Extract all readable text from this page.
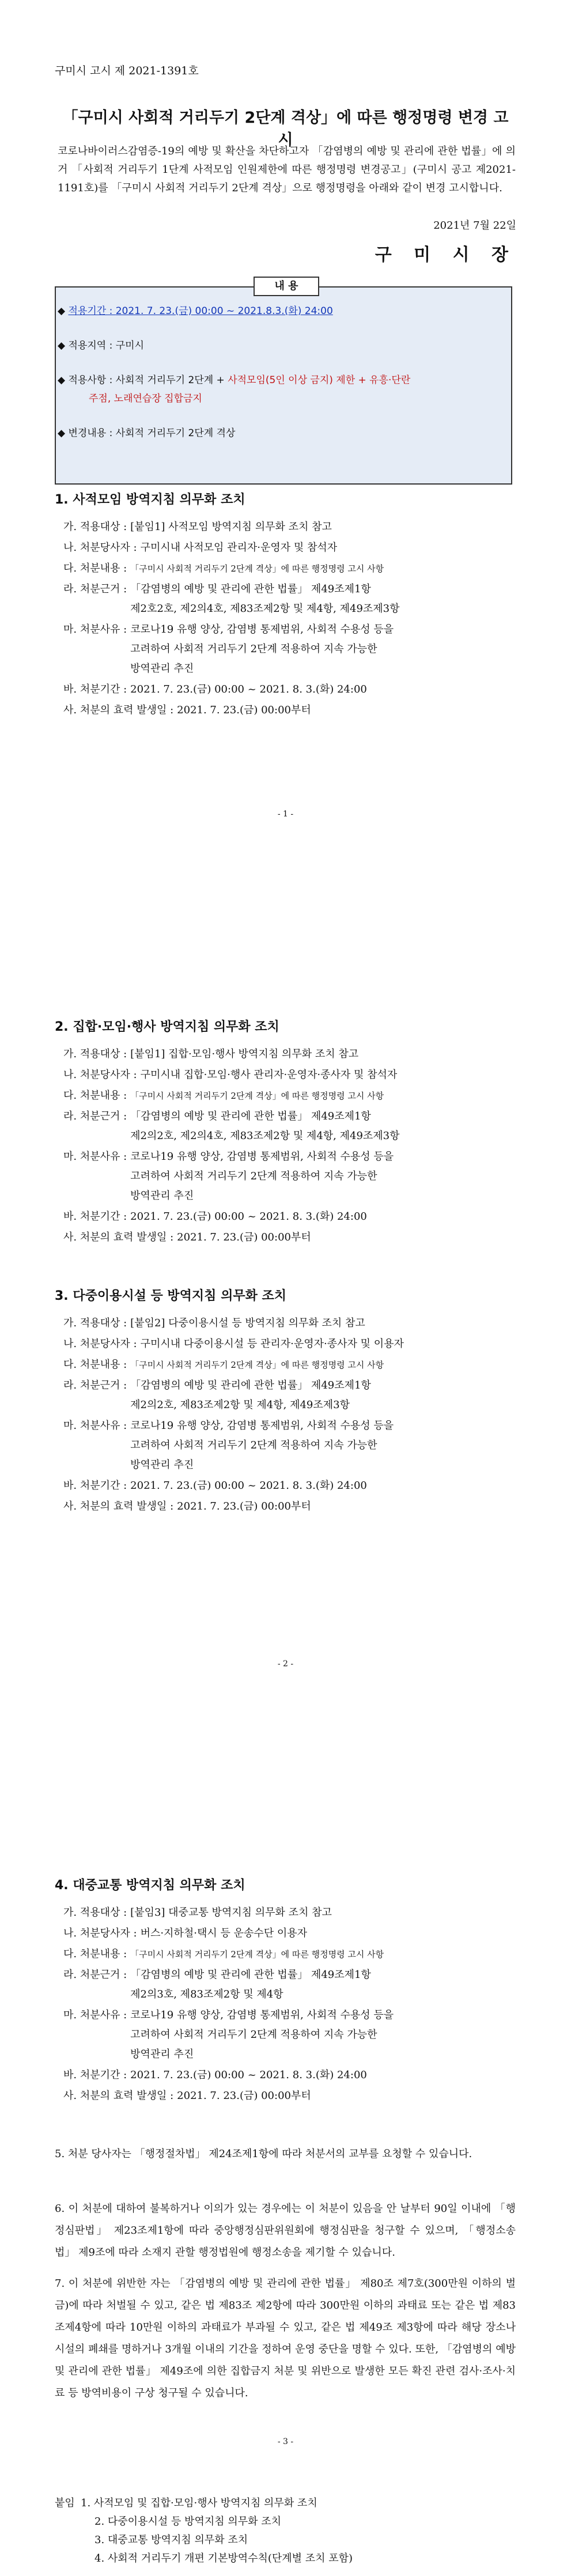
구미시 고시 제 2021-1391호
「구미시 사회적 거리두기 2단계 격상」에 따른 행정명령 변경 고시
코로나바이러스감염증-19의 예방 및 확산을 차단하고자 「감염병의 예방 및 관리에 관한 법률」에 의거 「사회적 거리두기 1단계 사적모임 인원제한에 따른 행정명령 변경공고」(구미시 공고 제2021-1191호)를 「구미시 사회적 거리두기 2단계 격상」으로 행정명령을 아래와 같이 변경 고시합니다.
2021년 7월 22일
구 미 시 장
내 용
◆ 적용기간 : 2021. 7. 23.(금) 00:00 ~ 2021.8.3.(화) 24:00
◆ 적용지역 : 구미시
◆ 적용사항 : 사회적 거리두기 2단계 + 사적모임(5인 이상 금지) 제한 + 유흥·단란
주점, 노래연습장 집합금지
◆ 변경내용 : 사회적 거리두기 2단계 격상
1. 사적모임 방역지침 의무화 조치
가. 적용대상 : [붙임1] 사적모임 방역지침 의무화 조치 참고
나. 처분당사자 : 구미시내 사적모임 관리자·운영자 및 참석자
다. 처분내용 : 「구미시 사회적 거리두기 2단계 격상」에 따른 행정명령 고시 사항
라. 처분근거 : 「감염병의 예방 및 관리에 관한 법률」 제49조제1항
제2호2호, 제2의4호, 제83조제2항 및 제4항, 제49조제3항
마. 처분사유 : 코로나19 유행 양상, 감염병 통제범위, 사회적 수용성 등을
고려하여 사회적 거리두기 2단계 적용하여 지속 가능한
방역관리 추진
바. 처분기간 : 2021. 7. 23.(금) 00:00 ~ 2021. 8. 3.(화) 24:00
사. 처분의 효력 발생일 : 2021. 7. 23.(금) 00:00부터
- 1 -
2. 집합·모임·행사 방역지침 의무화 조치
가. 적용대상 : [붙임1] 집합·모임·행사 방역지침 의무화 조치 참고
나. 처분당사자 : 구미시내 집합·모임·행사 관리자·운영자·종사자 및 참석자
다. 처분내용 : 「구미시 사회적 거리두기 2단계 격상」에 따른 행정명령 고시 사항
라. 처분근거 : 「감염병의 예방 및 관리에 관한 법률」 제49조제1항
제2의2호, 제2의4호, 제83조제2항 및 제4항, 제49조제3항
마. 처분사유 : 코로나19 유행 양상, 감염병 통제범위, 사회적 수용성 등을
고려하여 사회적 거리두기 2단계 적용하여 지속 가능한
방역관리 추진
바. 처분기간 : 2021. 7. 23.(금) 00:00 ~ 2021. 8. 3.(화) 24:00
사. 처분의 효력 발생일 : 2021. 7. 23.(금) 00:00부터
3. 다중이용시설 등 방역지침 의무화 조치
가. 적용대상 : [붙임2] 다중이용시설 등 방역지침 의무화 조치 참고
나. 처분당사자 : 구미시내 다중이용시설 등 관리자·운영자·종사자 및 이용자
다. 처분내용 : 「구미시 사회적 거리두기 2단계 격상」에 따른 행정명령 고시 사항
라. 처분근거 : 「감염병의 예방 및 관리에 관한 법률」 제49조제1항
제2의2호, 제83조제2항 및 제4항, 제49조제3항
마. 처분사유 : 코로나19 유행 양상, 감염병 통제범위, 사회적 수용성 등을
고려하여 사회적 거리두기 2단계 적용하여 지속 가능한
방역관리 추진
바. 처분기간 : 2021. 7. 23.(금) 00:00 ~ 2021. 8. 3.(화) 24:00
사. 처분의 효력 발생일 : 2021. 7. 23.(금) 00:00부터
- 2 -
4. 대중교통 방역지침 의무화 조치
가. 적용대상 : [붙임3] 대중교통 방역지침 의무화 조치 참고
나. 처분당사자 : 버스·지하철·택시 등 운송수단 이용자
다. 처분내용 : 「구미시 사회적 거리두기 2단계 격상」에 따른 행정명령 고시 사항
라. 처분근거 : 「감염병의 예방 및 관리에 관한 법률」 제49조제1항
제2의3호, 제83조제2항 및 제4항
마. 처분사유 : 코로나19 유행 양상, 감염병 통제범위, 사회적 수용성 등을
고려하여 사회적 거리두기 2단계 적용하여 지속 가능한
방역관리 추진
바. 처분기간 : 2021. 7. 23.(금) 00:00 ~ 2021. 8. 3.(화) 24:00
사. 처분의 효력 발생일 : 2021. 7. 23.(금) 00:00부터
5. 처분 당사자는 「행정절차법」 제24조제1항에 따라 처분서의 교부를 요청할 수 있습니다.
6. 이 처분에 대하여 불복하거나 이의가 있는 경우에는 이 처분이 있음을 안 날부터 90일 이내에 「행정심판법」 제23조제1항에 따라 중앙행정심판위원회에 행정심판을 청구할 수 있으며, 「행정소송법」 제9조에 따라 소재지 관할 행정법원에 행정소송을 제기할 수 있습니다.
7. 이 처분에 위반한 자는 「감염병의 예방 및 관리에 관한 법률」 제80조 제7호(300만원 이하의 벌금)에 따라 처벌될 수 있고, 같은 법 제83조 제2항에 따라 300만원 이하의 과태료 또는 같은 법 제83조제4항에 따라 10만원 이하의 과태료가 부과될 수 있고, 같은 법 제49조 제3항에 따라 해당 장소나 시설의 폐쇄를 명하거나 3개월 이내의 기간을 정하여 운영 중단을 명할 수 있다. 또한, 「감염병의 예방 및 관리에 관한 법률」 제49조에 의한 집합금지 처분 및 위반으로 발생한 모든 확진 관련 검사·조사·치료 등 방역비용이 구상 청구될 수 있습니다.
- 3 -
붙임 1. 사적모임 및 집합·모임·행사 방역지침 의무화 조치
2. 다중이용시설 등 방역지침 의무화 조치
3. 대중교통 방역지침 의무화 조치
4. 사회적 거리두기 개편 기본방역수칙(단계별 조치 포함)
